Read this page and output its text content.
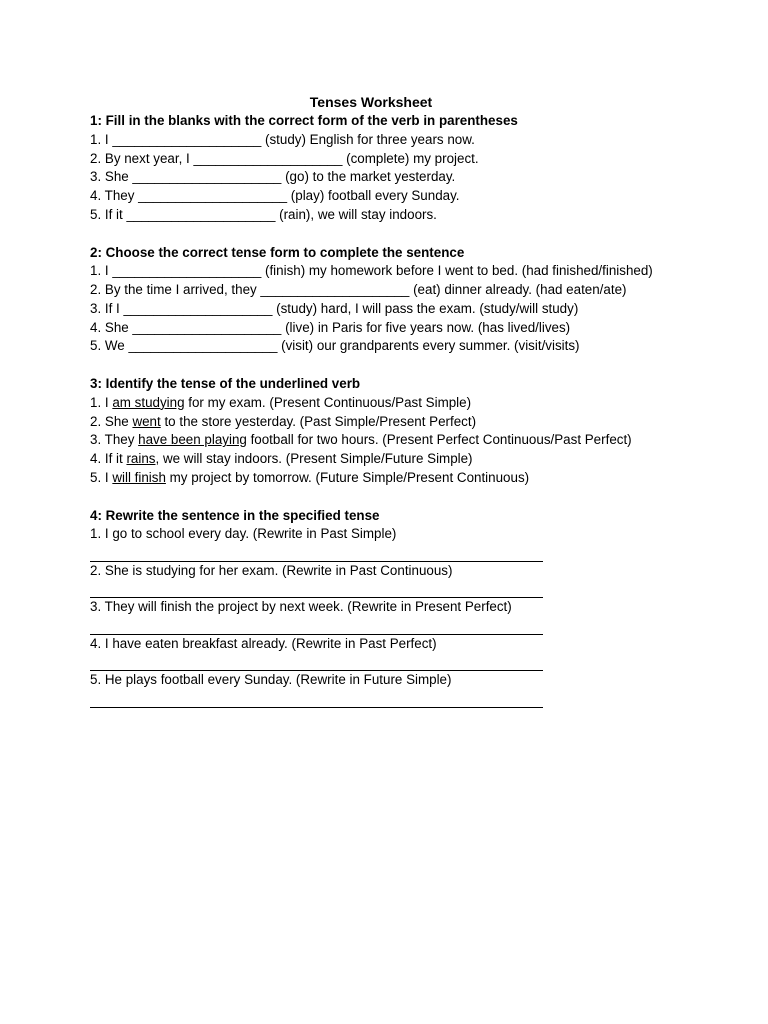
Tenses Worksheet
1: Fill in the blanks with the correct form of the verb in parentheses
1. I ____________________ (study) English for three years now.
2. By next year, I ____________________ (complete) my project.
3. She ____________________ (go) to the market yesterday.
4. They ____________________ (play) football every Sunday.
5. If it ____________________ (rain), we will stay indoors.
2: Choose the correct tense form to complete the sentence
1. I ____________________ (finish) my homework before I went to bed. (had finished/finished)
2. By the time I arrived, they ____________________ (eat) dinner already. (had eaten/ate)
3. If I ____________________ (study) hard, I will pass the exam. (study/will study)
4. She ____________________ (live) in Paris for five years now. (has lived/lives)
5. We ____________________ (visit) our grandparents every summer. (visit/visits)
3: Identify the tense of the underlined verb
1. I am studying for my exam. (Present Continuous/Past Simple)
2. She went to the store yesterday. (Past Simple/Present Perfect)
3. They have been playing football for two hours. (Present Perfect Continuous/Past Perfect)
4. If it rains, we will stay indoors. (Present Simple/Future Simple)
5. I will finish my project by tomorrow. (Future Simple/Present Continuous)
4: Rewrite the sentence in the specified tense
1. I go to school every day. (Rewrite in Past Simple)
2. She is studying for her exam. (Rewrite in Past Continuous)
3. They will finish the project by next week. (Rewrite in Present Perfect)
4. I have eaten breakfast already. (Rewrite in Past Perfect)
5. He plays football every Sunday. (Rewrite in Future Simple)
